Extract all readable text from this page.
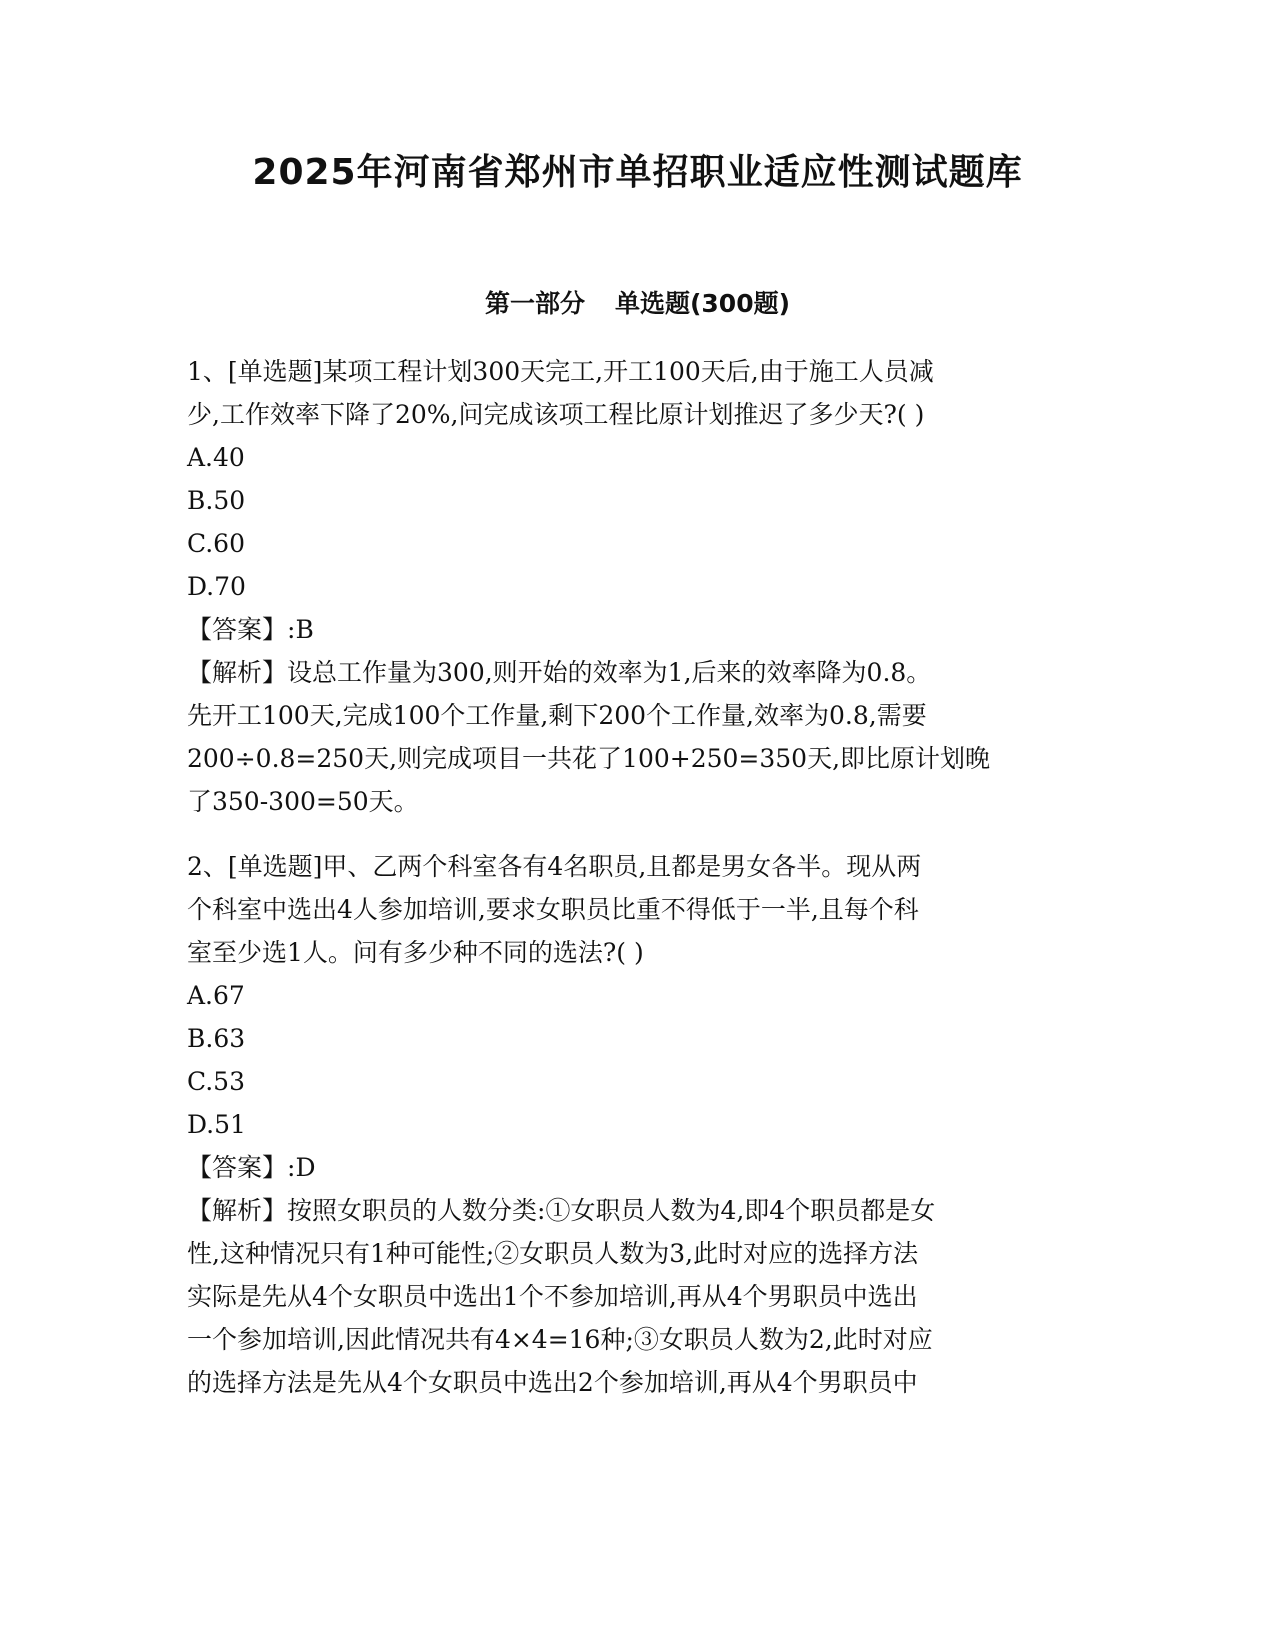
2025年河南省郑州市单招职业适应性测试题库
第一部分 单选题(300题)
1、[单选题]某项工程计划300天完工,开工100天后,由于施工人员减
少,工作效率下降了20%,问完成该项工程比原计划推迟了多少天?( )
A.40
B.50
C.60
D.70
【答案】:B
【解析】设总工作量为300,则开始的效率为1,后来的效率降为0.8。
先开工100天,完成100个工作量,剩下200个工作量,效率为0.8,需要
200÷0.8=250天,则完成项目一共花了100+250=350天,即比原计划晚
了350-300=50天。
2、[单选题]甲、乙两个科室各有4名职员,且都是男女各半。现从两
个科室中选出4人参加培训,要求女职员比重不得低于一半,且每个科
室至少选1人。问有多少种不同的选法?( )
A.67
B.63
C.53
D.51
【答案】:D
【解析】按照女职员的人数分类:①女职员人数为4,即4个职员都是女
性,这种情况只有1种可能性;②女职员人数为3,此时对应的选择方法
实际是先从4个女职员中选出1个不参加培训,再从4个男职员中选出
一个参加培训,因此情况共有4×4=16种;③女职员人数为2,此时对应
的选择方法是先从4个女职员中选出2个参加培训,再从4个男职员中
